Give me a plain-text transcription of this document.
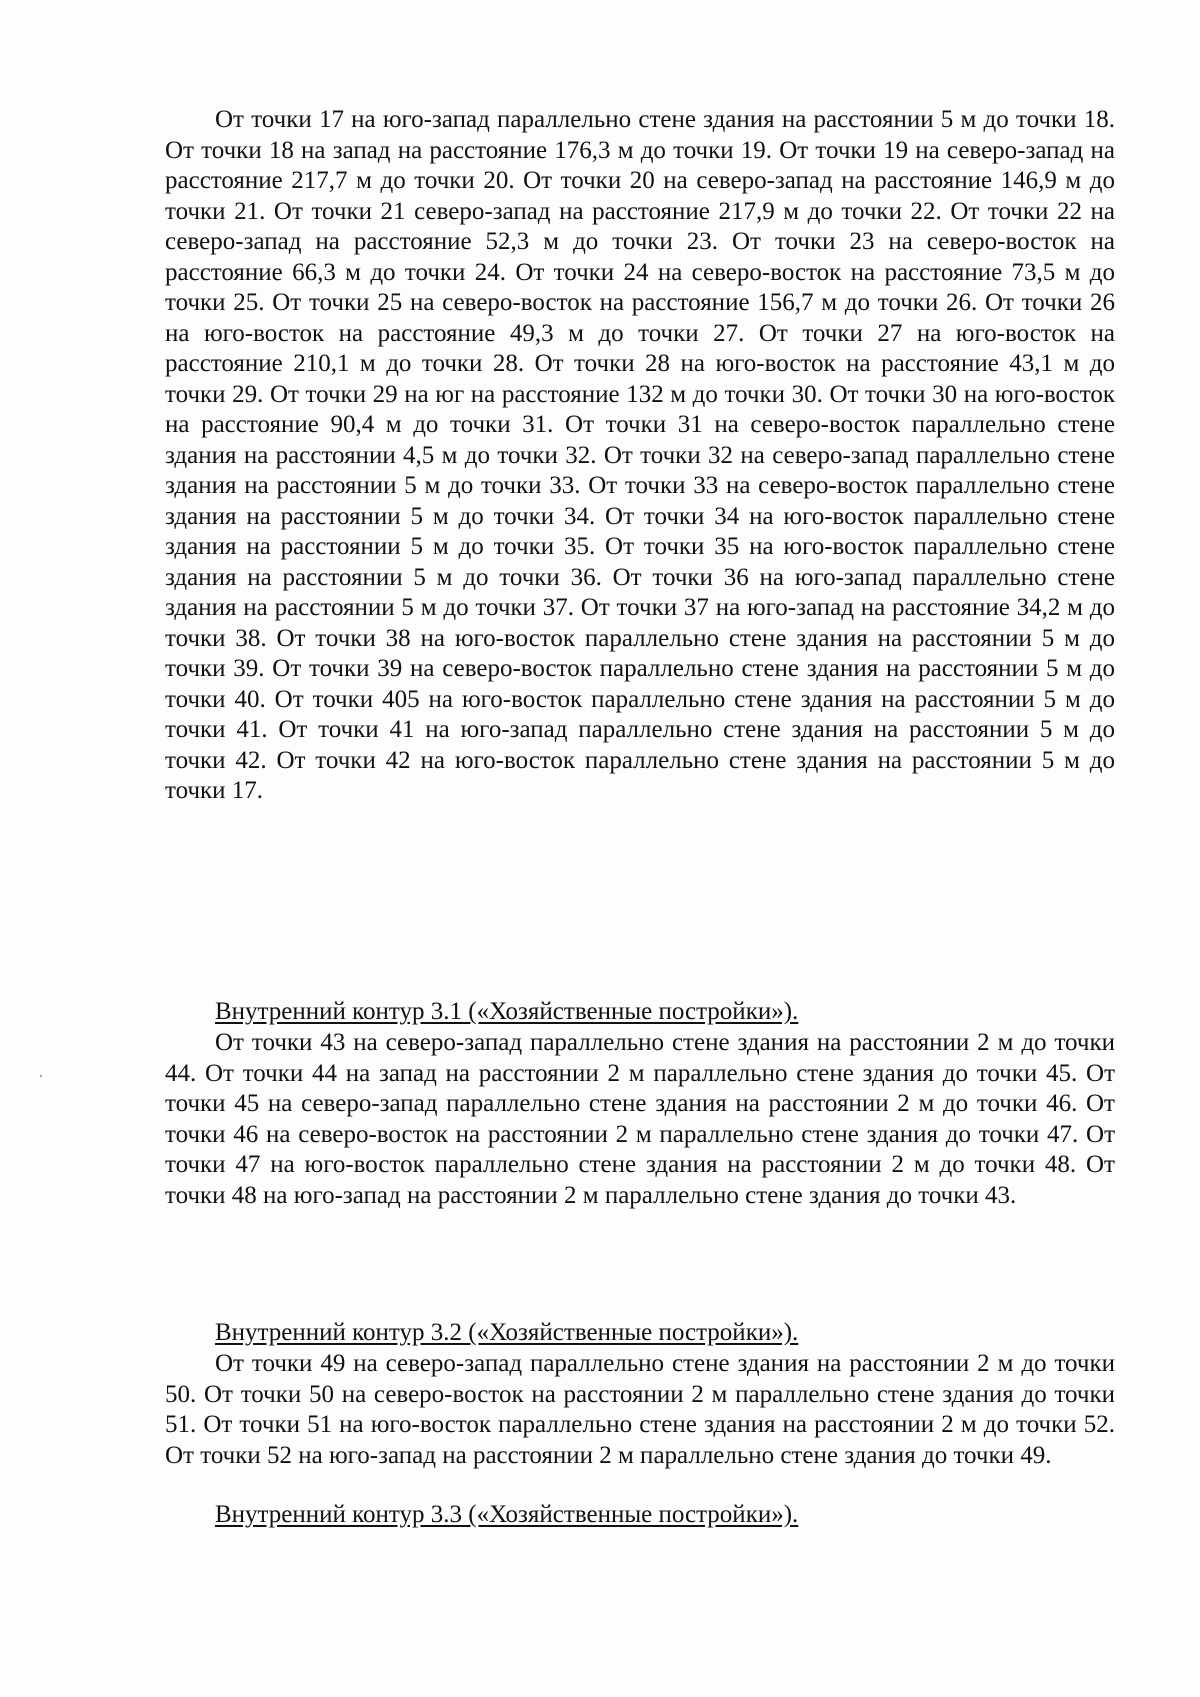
От точки 17 на юго-запад параллельно стене здания на расстоянии 5 м до точки 18. От точки 18 на запад на расстояние 176,3 м до точки 19. От точки 19 на северо-запад на расстояние 217,7 м до точки 20. От точки 20 на северо-запад на расстояние 146,9 м до точки 21. От точки 21 северо-запад на расстояние 217,9 м до точки 22. От точки 22 на северо-запад на расстояние 52,3 м до точки 23. От точки 23 на северо-восток на расстояние 66,3 м до точки 24. От точки 24 на северо-восток на расстояние 73,5 м до точки 25. От точки 25 на северо-восток на расстояние 156,7 м до точки 26. От точки 26 на юго-восток на расстояние 49,3 м до точки 27. От точки 27 на юго-восток на расстояние 210,1 м до точки 28. От точки 28 на юго-восток на расстояние 43,1 м до точки 29. От точки 29 на юг на расстояние 132 м до точки 30. От точки 30 на юго-восток на расстояние 90,4 м до точки 31. От точки 31 на северо-восток параллельно стене здания на расстоянии 4,5 м до точки 32. От точки 32 на северо-запад параллельно стене здания на расстоянии 5 м до точки 33. От точки 33 на северо-восток параллельно стене здания на расстоянии 5 м до точки 34. От точки 34 на юго-восток параллельно стене здания на расстоянии 5 м до точки 35. От точки 35 на юго-восток параллельно стене здания на расстоянии 5 м до точки 36. От точки 36 на юго-запад параллельно стене здания на расстоянии 5 м до точки 37. От точки 37 на юго-запад на расстояние 34,2 м до точки 38. От точки 38 на юго-восток параллельно стене здания на расстоянии 5 м до точки 39. От точки 39 на северо-восток параллельно стене здания на расстоянии 5 м до точки 40. От точки 405 на юго-восток параллельно стене здания на расстоянии 5 м до точки 41. От точки 41 на юго-запад параллельно стене здания на расстоянии 5 м до точки 42. От точки 42 на юго-восток параллельно стене здания на расстоянии 5 м до точки 17.

Внутренний контур 3.1 («Хозяйственные постройки»).

От точки 43 на северо-запад параллельно стене здания на расстоянии 2 м до точки 44. От точки 44 на запад на расстоянии 2 м параллельно стене здания до точки 45. От точки 45 на северо-запад параллельно стене здания на расстоянии 2 м до точки 46. От точки 46 на северо-восток на расстоянии 2 м параллельно стене здания до точки 47. От точки 47 на юго-восток параллельно стене здания на расстоянии 2 м до точки 48. От точки 48 на юго-запад на расстоянии 2 м параллельно стене здания до точки 43.

Внутренний контур 3.2 («Хозяйственные постройки»).

От точки 49 на северо-запад параллельно стене здания на расстоянии 2 м до точки 50. От точки 50 на северо-восток на расстоянии 2 м параллельно стене здания до точки 51. От точки 51 на юго-восток параллельно стене здания на расстоянии 2 м до точки 52. От точки 52 на юго-запад на расстоянии 2 м параллельно стене здания до точки 49.

Внутренний контур 3.3 («Хозяйственные постройки»).
